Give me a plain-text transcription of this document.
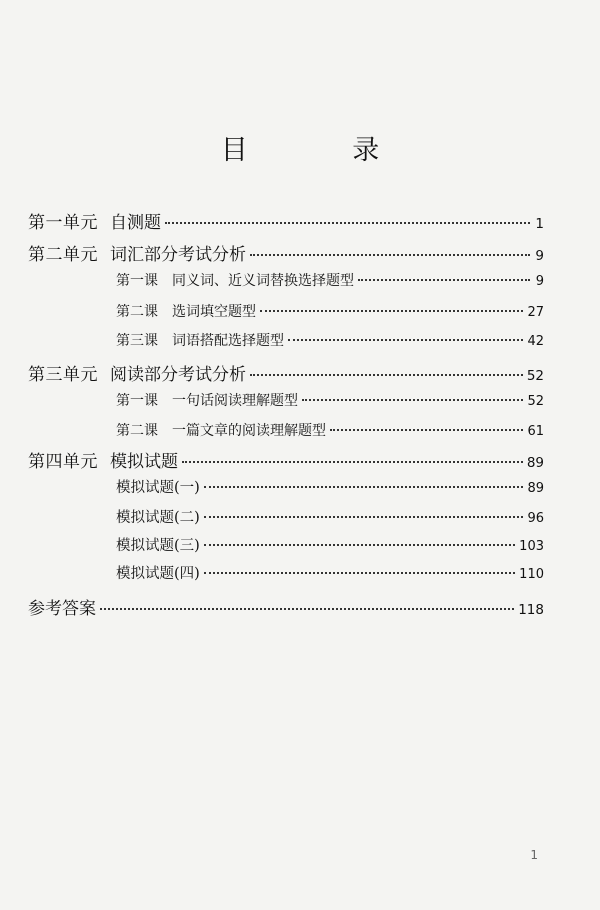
目 录
第一单元 自测题	1
第二单元 词汇部分考试分析	9
第一课	同义词、近义词替换选择题型	9
第二课	选词填空题型	27
第三课	词语搭配选择题型	42
第三单元 阅读部分考试分析	52
第一课	一句话阅读理解题型	52
第二课	一篇文章的阅读理解题型	61
第四单元 模拟试题	89
模拟试题(一)	89
模拟试题(二)	96
模拟试题(三)	103
模拟试题(四)	110
参考答案	118
1
